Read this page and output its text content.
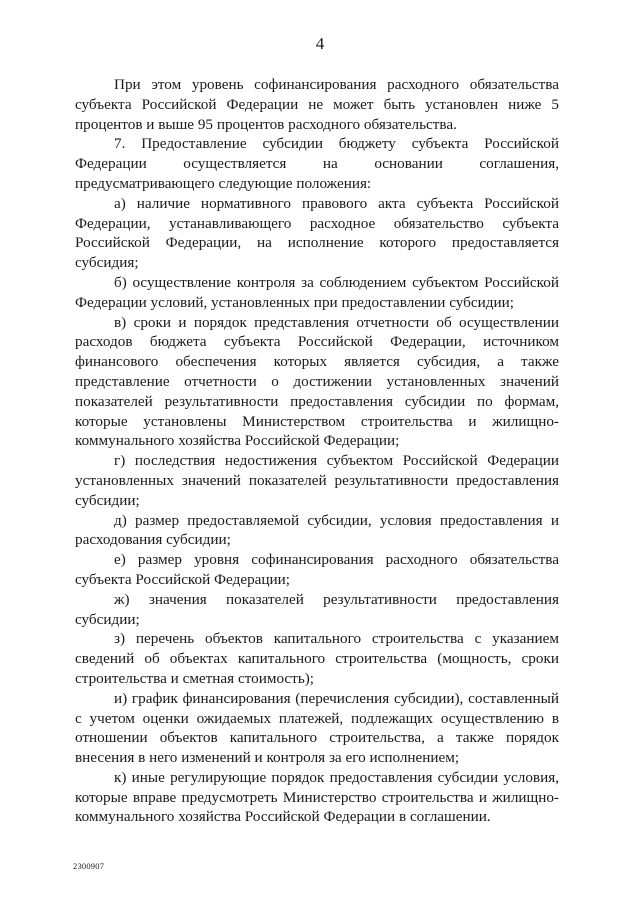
4

При этом уровень софинансирования расходного обязательства субъекта Российской Федерации не может быть установлен ниже 5 процентов и выше 95 процентов расходного обязательства.

7. Предоставление субсидии бюджету субъекта Российской Федерации осуществляется на основании соглашения, предусматривающего следующие положения:

а) наличие нормативного правового акта субъекта Российской Федерации, устанавливающего расходное обязательство субъекта Российской Федерации, на исполнение которого предоставляется субсидия;

б) осуществление контроля за соблюдением субъектом Российской Федерации условий, установленных при предоставлении субсидии;

в) сроки и порядок представления отчетности об осуществлении расходов бюджета субъекта Российской Федерации, источником финансового обеспечения которых является субсидия, а также представление отчетности о достижении установленных значений показателей результативности предоставления субсидии по формам, которые установлены Министерством строительства и жилищно-коммунального хозяйства Российской Федерации;

г) последствия недостижения субъектом Российской Федерации установленных значений показателей результативности предоставления субсидии;

д) размер предоставляемой субсидии, условия предоставления и расходования субсидии;

е) размер уровня софинансирования расходного обязательства субъекта Российской Федерации;

ж) значения показателей результативности предоставления субсидии;

з) перечень объектов капитального строительства с указанием сведений об объектах капитального строительства (мощность, сроки строительства и сметная стоимость);

и) график финансирования (перечисления субсидии), составленный с учетом оценки ожидаемых платежей, подлежащих осуществлению в отношении объектов капитального строительства, а также порядок внесения в него изменений и контроля за его исполнением;

к) иные регулирующие порядок предоставления субсидии условия, которые вправе предусмотреть Министерство строительства и жилищно-коммунального хозяйства Российской Федерации в соглашении.

2300907
